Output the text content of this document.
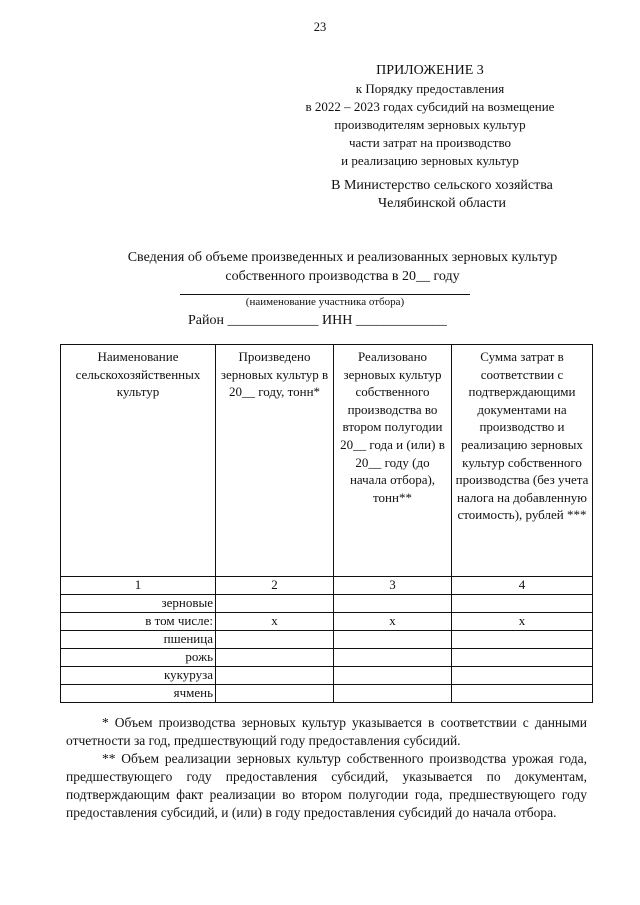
23
ПРИЛОЖЕНИЕ 3
к Порядку предоставления
в 2022 – 2023 годах субсидий на возмещение
производителям зерновых культур
части затрат на производство
и реализацию зерновых культур
В Министерство сельского хозяйства
Челябинской области
Сведения об объеме произведенных и реализованных зерновых культур
собственного производства в 20__ году
(наименование участника отбора)
Район _____________ ИНН _____________
Наименование сельскохозяйственных культур	Произведено зерновых культур в 20__ году, тонн*	Реализовано зерновых культур собственного производства во втором полугодии 20__ года и (или) в 20__ году (до начала отбора), тонн**	Сумма затрат в соответствии с подтверждающими документами на производство и реализацию зерновых культур собственного производства (без учета налога на добавленную стоимость), рублей ***
1	2	3	4
зерновые			
в том числе:	х	х	х
пшеница			
рожь			
кукуруза			
ячмень			

* Объем производства зерновых культур указывается в соответствии с данными отчетности за год, предшествующий году предоставления субсидий.

** Объем реализации зерновых культур собственного производства урожая года, предшествующего году предоставления субсидий, указывается по документам, подтверждающим факт реализации во втором полугодии года, предшествующего году предоставления субсидий, и (или) в году предоставления субсидий до начала отбора.
